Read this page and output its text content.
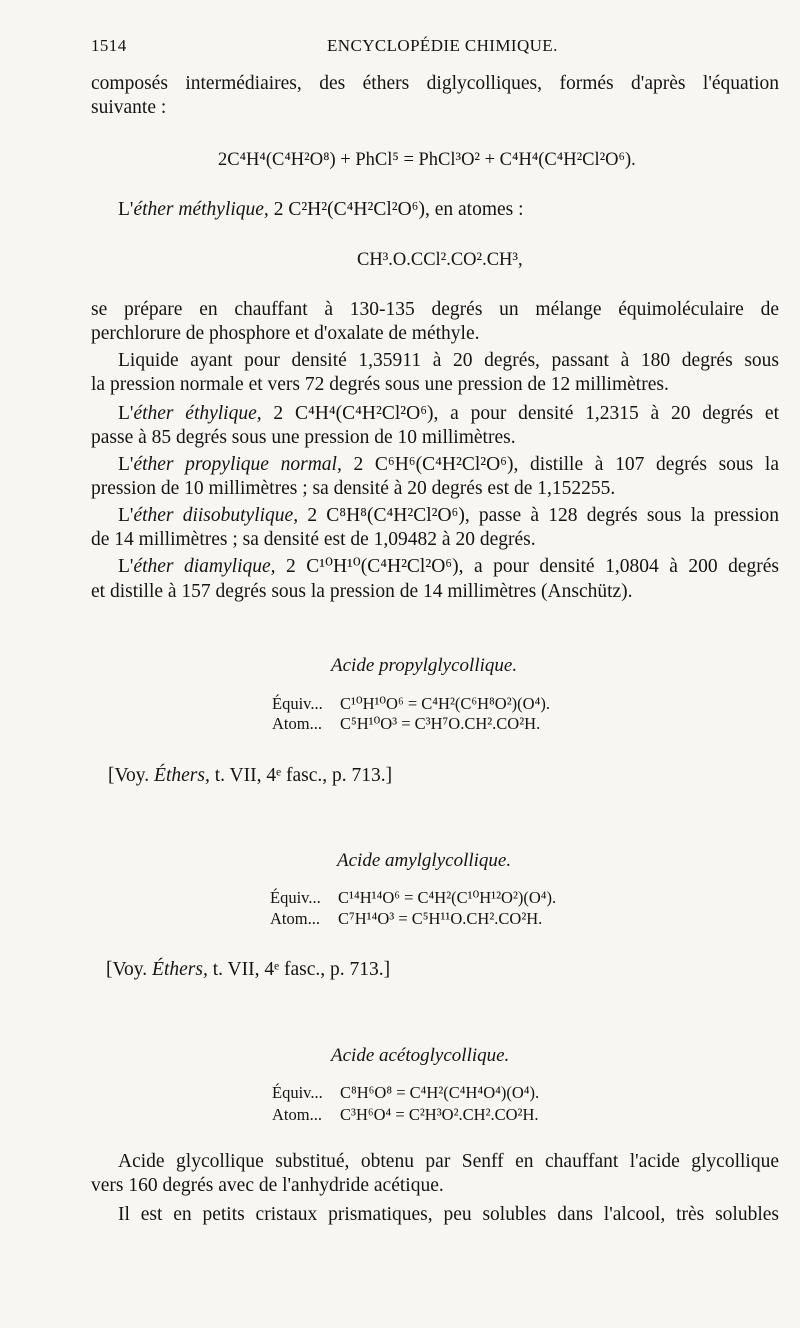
1514	ENCYCLOPÉDIE CHIMIQUE.
composés intermédiaires, des éthers diglycolliques, formés d'après l'équation
suivante :
2C⁴H⁴(C⁴H²O⁸) + PhCl⁵ = PhCl³O² + C⁴H⁴(C⁴H²Cl²O⁶).
L'éther méthylique, 2 C²H²(C⁴H²Cl²O⁶), en atomes :
CH³.O.CCl².CO².CH³,
se prépare en chauffant à 130-135 degrés un mélange équimoléculaire de
perchlorure de phosphore et d'oxalate de méthyle.
Liquide ayant pour densité 1,35911 à 20 degrés, passant à 180 degrés sous
la pression normale et vers 72 degrés sous une pression de 12 millimètres.
L'éther éthylique, 2 C⁴H⁴(C⁴H²Cl²O⁶), a pour densité 1,2315 à 20 degrés et
passe à 85 degrés sous une pression de 10 millimètres.
L'éther propylique normal, 2 C⁶H⁶(C⁴H²Cl²O⁶), distille à 107 degrés sous la
pression de 10 millimètres ; sa densité à 20 degrés est de 1,152255.
L'éther diisobutylique, 2 C⁸H⁸(C⁴H²Cl²O⁶), passe à 128 degrés sous la pression
de 14 millimètres ; sa densité est de 1,09482 à 20 degrés.
L'éther diamylique, 2 C¹⁰H¹⁰(C⁴H²Cl²O⁶), a pour densité 1,0804 à 200 degrés
et distille à 157 degrés sous la pression de 14 millimètres (Anschütz).
Acide propylglycollique.
Équiv... C¹⁰H¹⁰O⁶ = C⁴H²(C⁶H⁸O²)(O⁴).
Atom... C⁵H¹⁰O³ = C³H⁷O.CH².CO²H.
[Voy. Éthers, t. VII, 4ᵉ fasc., p. 713.]
Acide amylglycollique.
Équiv... C¹⁴H¹⁴O⁶ = C⁴H²(C¹⁰H¹²O²)(O⁴).
Atom... C⁷H¹⁴O³ = C⁵H¹¹O.CH².CO²H.
[Voy. Éthers, t. VII, 4ᵉ fasc., p. 713.]
Acide acétoglycollique.
Équiv... C⁸H⁶O⁸ = C⁴H²(C⁴H⁴O⁴)(O⁴).
Atom... C³H⁶O⁴ = C²H³O².CH².CO²H.
Acide glycollique substitué, obtenu par Senff en chauffant l'acide glycollique
vers 160 degrés avec de l'anhydride acétique.
Il est en petits cristaux prismatiques, peu solubles dans l'alcool, très solubles
